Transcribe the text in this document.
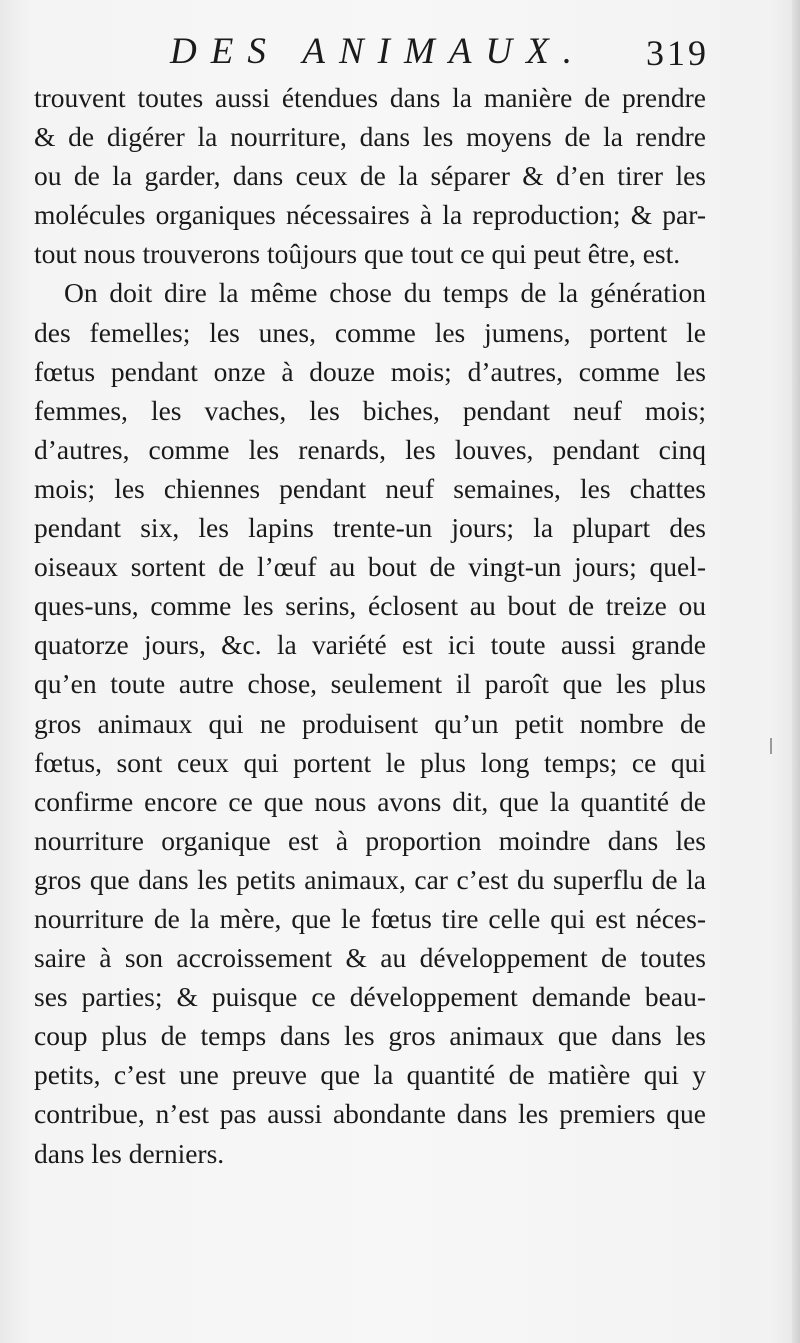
DES ANIMAUX. 319
trouvent toutes aussi étendues dans la manière de prendre
& de digérer la nourriture, dans les moyens de la rendre
ou de la garder, dans ceux de la séparer & d’en tirer les
molécules organiques nécessaires à la reproduction; & par-
tout nous trouverons toûjours que tout ce qui peut être, est.
On doit dire la même chose du temps de la génération
des femelles; les unes, comme les jumens, portent le
fœtus pendant onze à douze mois; d’autres, comme les
femmes, les vaches, les biches, pendant neuf mois;
d’autres, comme les renards, les louves, pendant cinq
mois; les chiennes pendant neuf semaines, les chattes
pendant six, les lapins trente-un jours; la plupart des
oiseaux sortent de l’œuf au bout de vingt-un jours; quel-
ques-uns, comme les serins, éclosent au bout de treize ou
quatorze jours, &c. la variété est ici toute aussi grande
qu’en toute autre chose, seulement il paroît que les plus
gros animaux qui ne produisent qu’un petit nombre de
fœtus, sont ceux qui portent le plus long temps; ce qui
confirme encore ce que nous avons dit, que la quantité de
nourriture organique est à proportion moindre dans les
gros que dans les petits animaux, car c’est du superflu de la
nourriture de la mère, que le fœtus tire celle qui est néces-
saire à son accroissement & au développement de toutes
ses parties; & puisque ce développement demande beau-
coup plus de temps dans les gros animaux que dans les
petits, c’est une preuve que la quantité de matière qui y
contribue, n’est pas aussi abondante dans les premiers que
dans les derniers.
